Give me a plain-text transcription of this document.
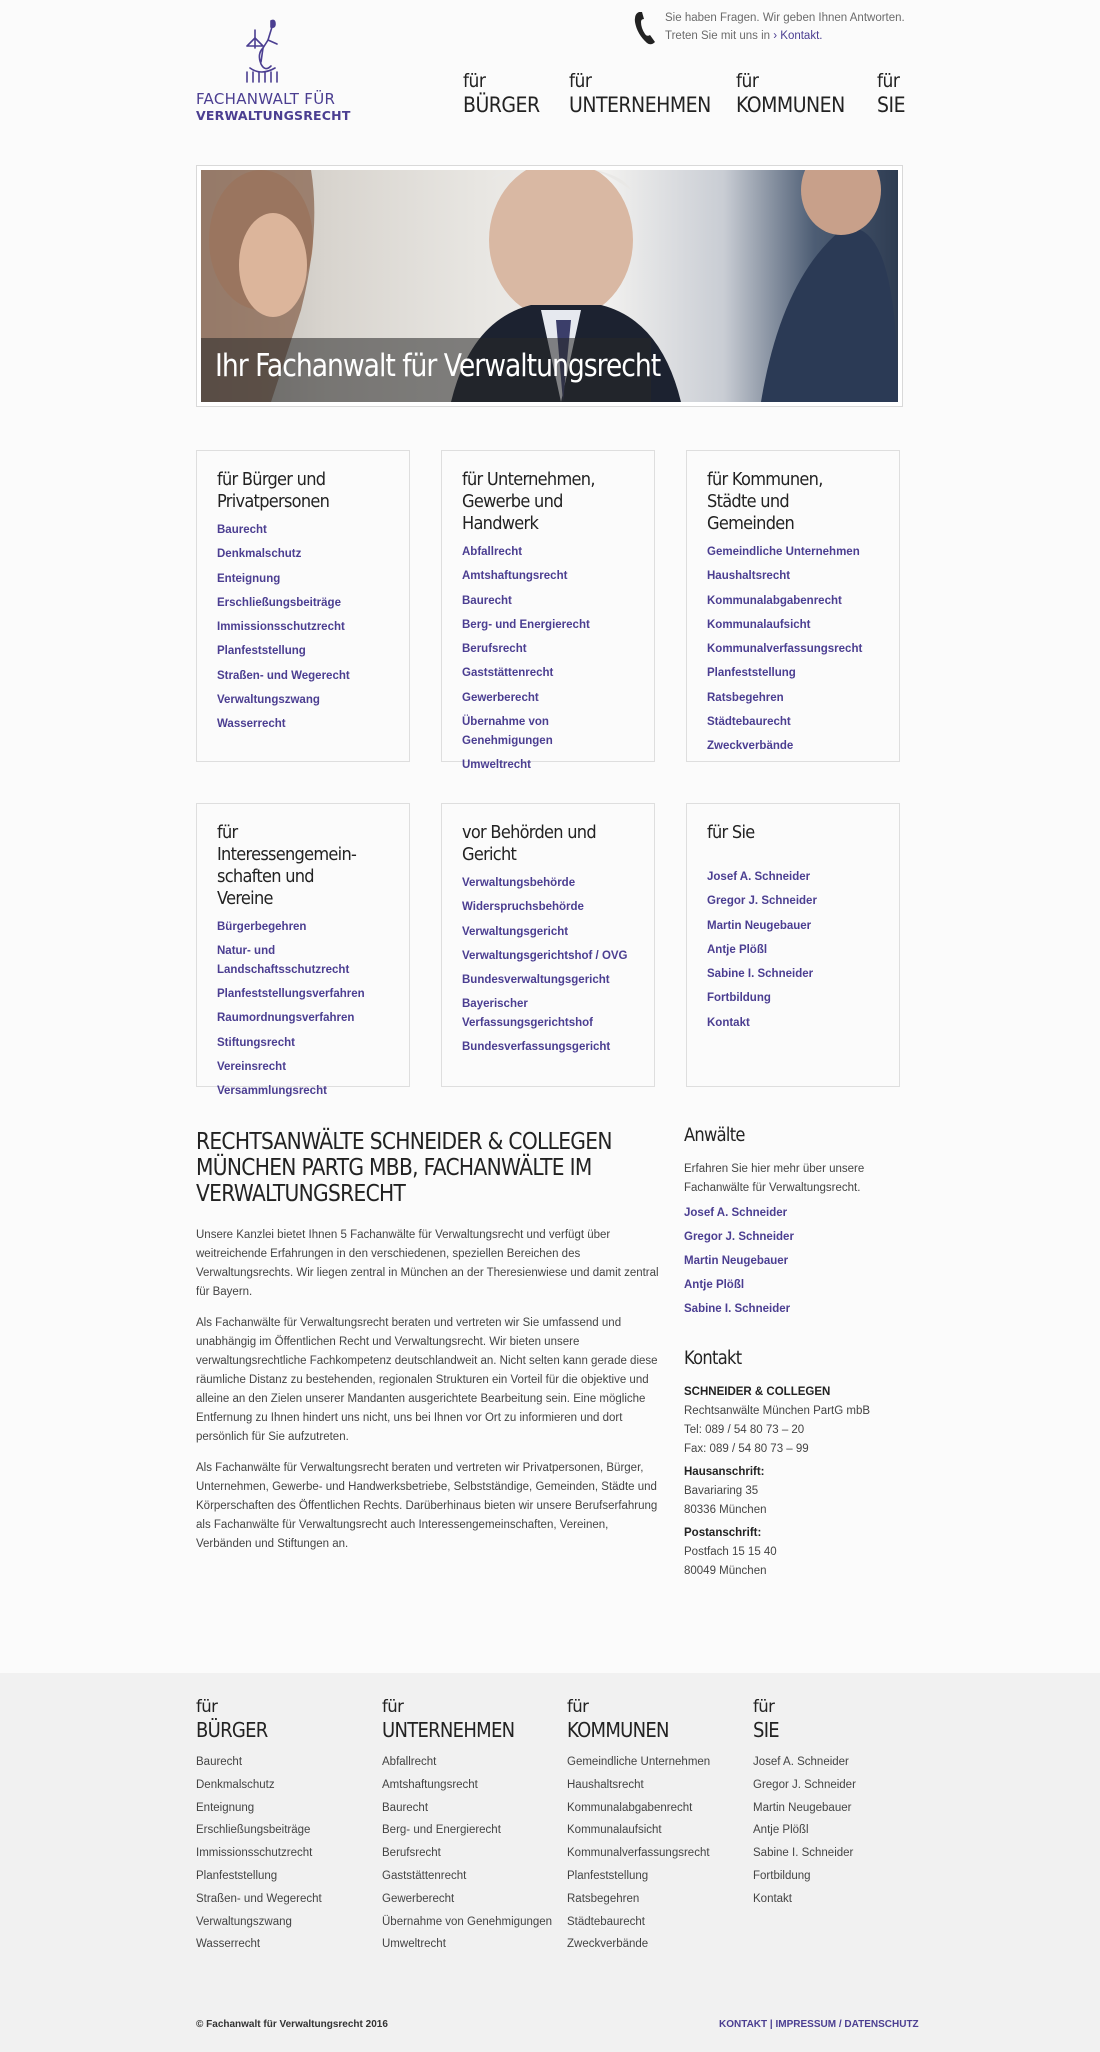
FACHANWALT FÜR
VERWALTUNGSRECHT
Sie haben Fragen. Wir geben Ihnen Antworten.
Treten Sie mit uns in › Kontakt.
für
BÜRGER
für
UNTERNEHMEN
für
KOMMUNEN
für
SIE
Ihr Fachanwalt für Verwaltungsrecht
für Bürger und Privatpersonen
Baurecht
Denkmalschutz
Enteignung
Erschließungsbeiträge
Immissionsschutzrecht
Planfeststellung
Straßen- und Wegerecht
Verwaltungszwang
Wasserrecht
für Unternehmen, Gewerbe und Handwerk
Abfallrecht
Amtshaftungsrecht
Baurecht
Berg- und Energierecht
Berufsrecht
Gaststättenrecht
Gewerberecht
Übernahme von Genehmigungen
Umweltrecht
für Kommunen, Städte und Gemeinden
Gemeindliche Unternehmen
Haushaltsrecht
Kommunalabgabenrecht
Kommunalaufsicht
Kommunalverfassungsrecht
Planfeststellung
Ratsbegehren
Städtebaurecht
Zweckverbände
für Interessengemein-schaften und Vereine
Bürgerbegehren
Natur- und Landschaftsschutzrecht
Planfeststellungsverfahren
Raumordnungsverfahren
Stiftungsrecht
Vereinsrecht
Versammlungsrecht
vor Behörden und Gericht
Verwaltungsbehörde
Widerspruchsbehörde
Verwaltungsgericht
Verwaltungsgerichtshof / OVG
Bundesverwaltungsgericht
Bayerischer Verfassungsgerichtshof
Bundesverfassungsgericht
für Sie
Josef A. Schneider
Gregor J. Schneider
Martin Neugebauer
Antje Plößl
Sabine I. Schneider
Fortbildung
Kontakt
RECHTSANWÄLTE SCHNEIDER & COLLEGEN MÜNCHEN PARTG MBB, FACHANWÄLTE IM VERWALTUNGSRECHT

Unsere Kanzlei bietet Ihnen 5 Fachanwälte für Verwaltungsrecht und verfügt über weitreichende Erfahrungen in den verschiedenen, speziellen Bereichen des Verwaltungsrechts. Wir liegen zentral in München an der Theresienwiese und damit zentral für Bayern.

Als Fachanwälte für Verwaltungsrecht beraten und vertreten wir Sie umfassend und unabhängig im Öffentlichen Recht und Verwaltungsrecht. Wir bieten unsere verwaltungsrechtliche Fachkompetenz deutschlandweit an. Nicht selten kann gerade diese räumliche Distanz zu bestehenden, regionalen Strukturen ein Vorteil für die objektive und alleine an den Zielen unserer Mandanten ausgerichtete Bearbeitung sein. Eine mögliche Entfernung zu Ihnen hindert uns nicht, uns bei Ihnen vor Ort zu informieren und dort persönlich für Sie aufzutreten.

Als Fachanwälte für Verwaltungsrecht beraten und vertreten wir Privatpersonen, Bürger, Unternehmen, Gewerbe- und Handwerksbetriebe, Selbstständige, Gemeinden, Städte und Körperschaften des Öffentlichen Rechts. Darüberhinaus bieten wir unsere Berufserfahrung als Fachanwälte für Verwaltungsrecht auch Interessengemeinschaften, Vereinen, Verbänden und Stiftungen an.

Anwälte

Erfahren Sie hier mehr über unsere Fachanwälte für Verwaltungsrecht.

Josef A. Schneider
Gregor J. Schneider
Martin Neugebauer
Antje Plößl
Sabine I. Schneider
Kontakt

SCHNEIDER & COLLEGEN

Rechtsanwälte München PartG mbB

Tel: 089 / 54 80 73 – 20

Fax: 089 / 54 80 73 – 99

Hausanschrift:

Bavariaring 35

80336 München

Postanschrift:

Postfach 15 15 40

80049 München

für
BÜRGER
Baurecht
Denkmalschutz
Enteignung
Erschließungsbeiträge
Immissionsschutzrecht
Planfeststellung
Straßen- und Wegerecht
Verwaltungszwang
Wasserrecht
für
UNTERNEHMEN
Abfallrecht
Amtshaftungsrecht
Baurecht
Berg- und Energierecht
Berufsrecht
Gaststättenrecht
Gewerberecht
Übernahme von Genehmigungen
Umweltrecht
für
KOMMUNEN
Gemeindliche Unternehmen
Haushaltsrecht
Kommunalabgabenrecht
Kommunalaufsicht
Kommunalverfassungsrecht
Planfeststellung
Ratsbegehren
Städtebaurecht
Zweckverbände
für
SIE
Josef A. Schneider
Gregor J. Schneider
Martin Neugebauer
Antje Plößl
Sabine I. Schneider
Fortbildung
Kontakt
© Fachanwalt für Verwaltungsrecht 2016	KONTAKT | IMPRESSUM / DATENSCHUTZ
